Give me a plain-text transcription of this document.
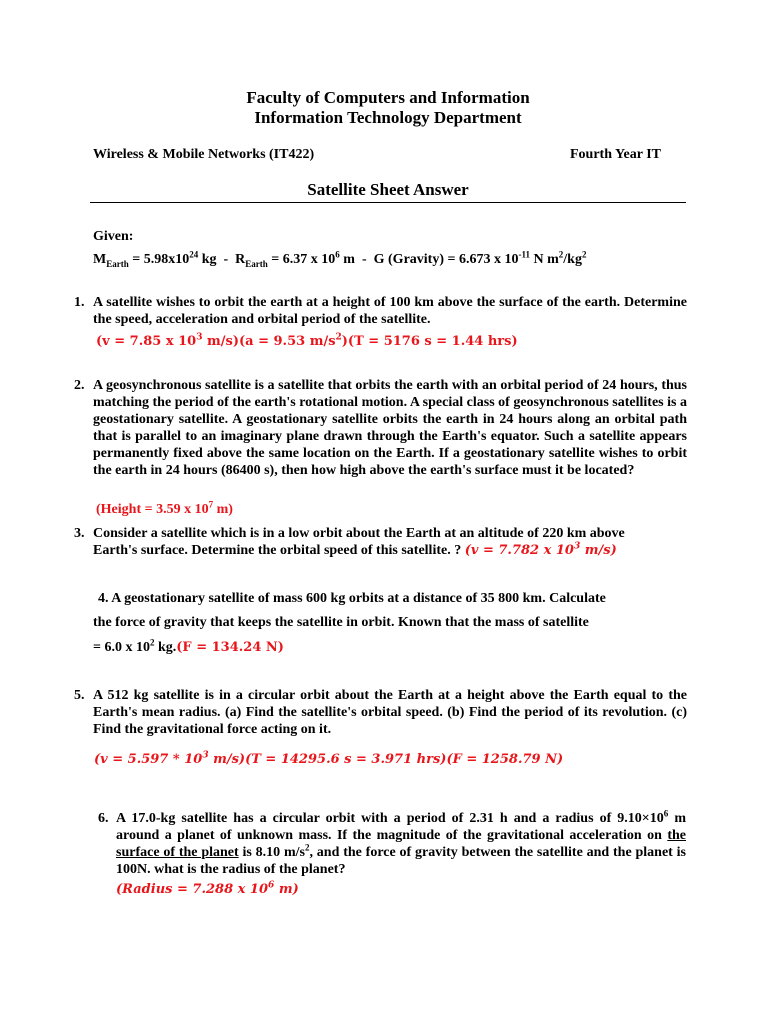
Faculty of Computers and Information
Information Technology Department
Wireless & Mobile Networks (IT422)	Fourth Year IT
Satellite Sheet Answer
Given:
$M_{Earth} = 5.98x10^{24}$ kg  -  $R_{Earth} = 6.37$ x $10^6$ m  -  G (Gravity) = 6.673 x $10^{-11}$ N $m^2/kg^2$
1. A satellite wishes to orbit the earth at a height of 100 km above the surface of the earth. Determine the speed, acceleration and orbital period of the satellite.
(v = 7.85 x $10^3$ m/s)(a = 9.53 $m/s^2)(T = 5176$ s = 1.44 hrs)
2. A geosynchronous satellite is a satellite that orbits the earth with an orbital period of 24 hours, thus matching the period of the earth's rotational motion. A special class of geosynchronous satellites is a geostationary satellite. A geostationary satellite orbits the earth in 24 hours along an orbital path that is parallel to an imaginary plane drawn through the Earth's equator. Such a satellite appears permanently fixed above the same location on the Earth. If a geostationary satellite wishes to orbit the earth in 24 hours (86400 s), then how high above the earth's surface must it be located?
(Height = 3.59 x $10^7$ m)
3. Consider a satellite which is in a low orbit about the Earth at an altitude of 220 km above
Earth's surface. Determine the orbital speed of this satellite. ? (v = 7.782 x $10^3$ m/s)
4. A geostationary satellite of mass 600 kg orbits at a distance of 35 800 km. Calculate
the force of gravity that keeps the satellite in orbit. Known that the mass of satellite
= 6.0 x $10^2$ kg.(F = 134.24 N)
5. A 512 kg satellite is in a circular orbit about the Earth at a height above the Earth equal to the Earth's mean radius. (a) Find the satellite's orbital speed. (b) Find the period of its revolution. (c) Find the gravitational force acting on it.
($v = 5.597 * 10^3$ m/s)(T = 14295.6 s = 3.971 hrs)(F = 1258.79 N)
6. A 17.0-kg satellite has a circular orbit with a period of 2.31 h and a radius of $9.10\times 10^6$ m around a planet of unknown mass. If the magnitude of the gravitational acceleration on the surface of the planet is 8.10 $m/s^2$, and the force of gravity between the satellite and the planet is 100N. what is the radius of the planet?
(Radius = 7.288 x $10^6$ m)
